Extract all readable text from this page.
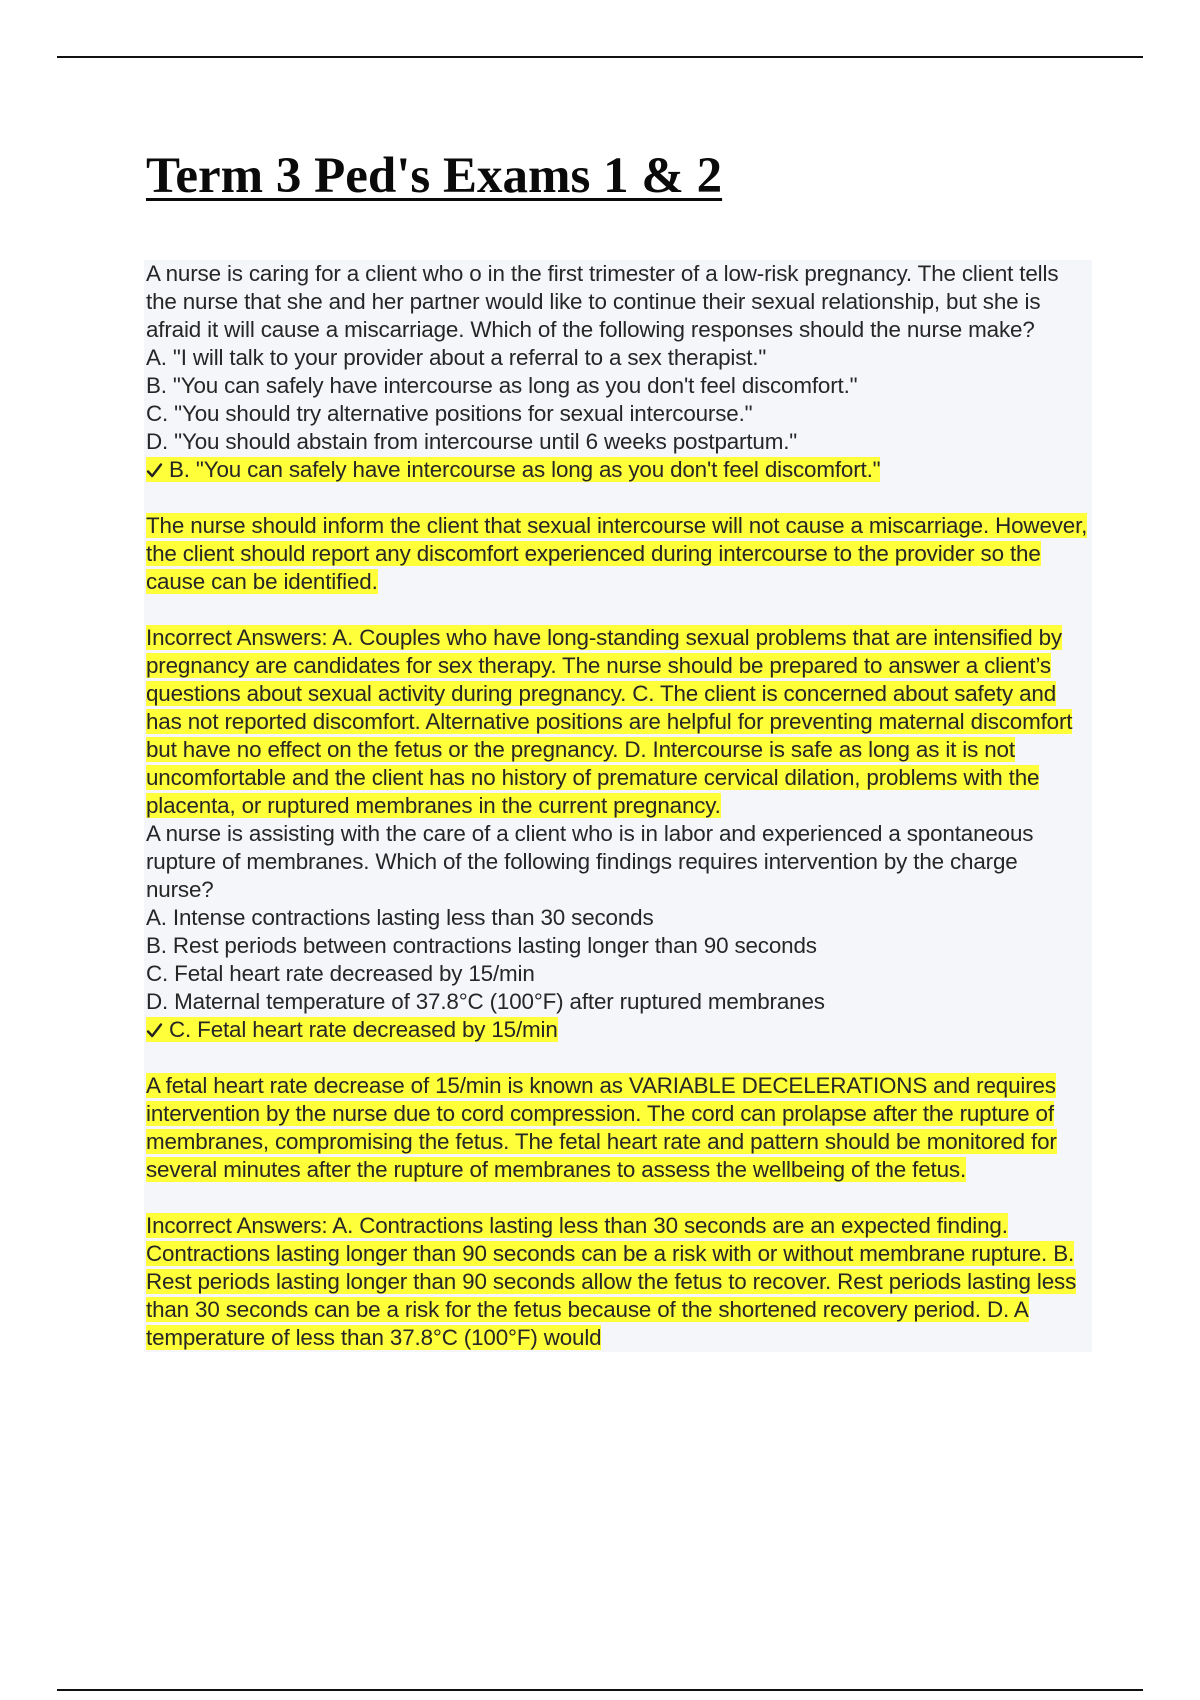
Term 3 Ped's Exams 1 & 2

A nurse is caring for a client who o in the first trimester of a low-risk pregnancy. The client tells the nurse that she and her partner would like to continue their sexual relationship, but she is afraid it will cause a miscarriage. Which of the following responses should the nurse make?

A. "I will talk to your provider about a referral to a sex therapist."

B. "You can safely have intercourse as long as you don't feel discomfort."

C. "You should try alternative positions for sexual intercourse."

D. "You should abstain from intercourse until 6 weeks postpartum."

B. "You can safely have intercourse as long as you don't feel discomfort."

The nurse should inform the client that sexual intercourse will not cause a miscarriage. However, the client should report any discomfort experienced during intercourse to the provider so the cause can be identified.

Incorrect Answers: A. Couples who have long-standing sexual problems that are intensified by pregnancy are candidates for sex therapy. The nurse should be prepared to answer a client’s questions about sexual activity during pregnancy. C. The client is concerned about safety and has not reported discomfort. Alternative positions are helpful for preventing maternal discomfort but have no effect on the fetus or the pregnancy. D. Intercourse is safe as long as it is not uncomfortable and the client has no history of premature cervical dilation, problems with the placenta, or ruptured membranes in the current pregnancy.

A nurse is assisting with the care of a client who is in labor and experienced a spontaneous rupture of membranes. Which of the following findings requires intervention by the charge nurse?

A. Intense contractions lasting less than 30 seconds

B. Rest periods between contractions lasting longer than 90 seconds

C. Fetal heart rate decreased by 15/min

D. Maternal temperature of 37.8°C (100°F) after ruptured membranes

C. Fetal heart rate decreased by 15/min

A fetal heart rate decrease of 15/min is known as VARIABLE DECELERATIONS and requires intervention by the nurse due to cord compression. The cord can prolapse after the rupture of membranes, compromising the fetus. The fetal heart rate and pattern should be monitored for several minutes after the rupture of membranes to assess the wellbeing of the fetus.

Incorrect Answers: A. Contractions lasting less than 30 seconds are an expected finding. Contractions lasting longer than 90 seconds can be a risk with or without membrane rupture. B. Rest periods lasting longer than 90 seconds allow the fetus to recover. Rest periods lasting less than 30 seconds can be a risk for the fetus because of the shortened recovery period. D. A temperature of less than 37.8°C (100°F) would
